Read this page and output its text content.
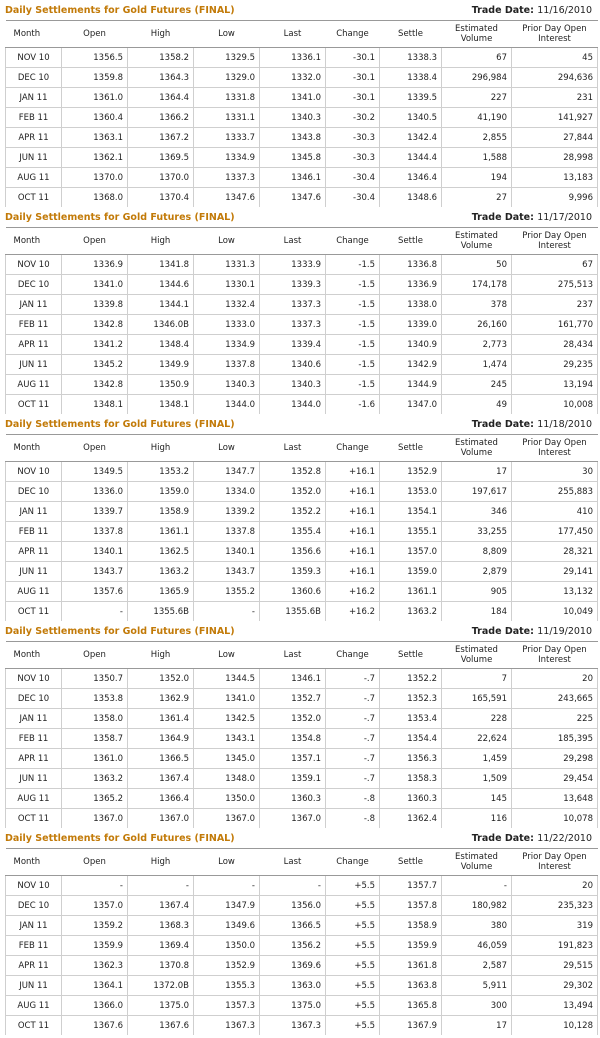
Daily Settlements for Gold Futures (FINAL)	Trade Date: 11/16/2010
Month	Open	High	Low	Last	Change	Settle	Estimated Volume	Prior Day Open Interest
NOV 10	1356.5	1358.2	1329.5	1336.1	-30.1	1338.3	67	45
DEC 10	1359.8	1364.3	1329.0	1332.0	-30.1	1338.4	296,984	294,636
JAN 11	1361.0	1364.4	1331.8	1341.0	-30.1	1339.5	227	231
FEB 11	1360.4	1366.2	1331.1	1340.3	-30.2	1340.5	41,190	141,927
APR 11	1363.1	1367.2	1333.7	1343.8	-30.3	1342.4	2,855	27,844
JUN 11	1362.1	1369.5	1334.9	1345.8	-30.3	1344.4	1,588	28,998
AUG 11	1370.0	1370.0	1337.3	1346.1	-30.4	1346.4	194	13,183
OCT 11	1368.0	1370.4	1347.6	1347.6	-30.4	1348.6	27	9,996

Daily Settlements for Gold Futures (FINAL)	Trade Date: 11/17/2010
Month	Open	High	Low	Last	Change	Settle	Estimated Volume	Prior Day Open Interest
NOV 10	1336.9	1341.8	1331.3	1333.9	-1.5	1336.8	50	67
DEC 10	1341.0	1344.6	1330.1	1339.3	-1.5	1336.9	174,178	275,513
JAN 11	1339.8	1344.1	1332.4	1337.3	-1.5	1338.0	378	237
FEB 11	1342.8	1346.0B	1333.0	1337.3	-1.5	1339.0	26,160	161,770
APR 11	1341.2	1348.4	1334.9	1339.4	-1.5	1340.9	2,773	28,434
JUN 11	1345.2	1349.9	1337.8	1340.6	-1.5	1342.9	1,474	29,235
AUG 11	1342.8	1350.9	1340.3	1340.3	-1.5	1344.9	245	13,194
OCT 11	1348.1	1348.1	1344.0	1344.0	-1.6	1347.0	49	10,008

Daily Settlements for Gold Futures (FINAL)	Trade Date: 11/18/2010
Month	Open	High	Low	Last	Change	Settle	Estimated Volume	Prior Day Open Interest
NOV 10	1349.5	1353.2	1347.7	1352.8	+16.1	1352.9	17	30
DEC 10	1336.0	1359.0	1334.0	1352.0	+16.1	1353.0	197,617	255,883
JAN 11	1339.7	1358.9	1339.2	1352.2	+16.1	1354.1	346	410
FEB 11	1337.8	1361.1	1337.8	1355.4	+16.1	1355.1	33,255	177,450
APR 11	1340.1	1362.5	1340.1	1356.6	+16.1	1357.0	8,809	28,321
JUN 11	1343.7	1363.2	1343.7	1359.3	+16.1	1359.0	2,879	29,141
AUG 11	1357.6	1365.9	1355.2	1360.6	+16.2	1361.1	905	13,132
OCT 11	-	1355.6B	-	1355.6B	+16.2	1363.2	184	10,049

Daily Settlements for Gold Futures (FINAL)	Trade Date: 11/19/2010
Month	Open	High	Low	Last	Change	Settle	Estimated Volume	Prior Day Open Interest
NOV 10	1350.7	1352.0	1344.5	1346.1	-.7	1352.2	7	20
DEC 10	1353.8	1362.9	1341.0	1352.7	-.7	1352.3	165,591	243,665
JAN 11	1358.0	1361.4	1342.5	1352.0	-.7	1353.4	228	225
FEB 11	1358.7	1364.9	1343.1	1354.8	-.7	1354.4	22,624	185,395
APR 11	1361.0	1366.5	1345.0	1357.1	-.7	1356.3	1,459	29,298
JUN 11	1363.2	1367.4	1348.0	1359.1	-.7	1358.3	1,509	29,454
AUG 11	1365.2	1366.4	1350.0	1360.3	-.8	1360.3	145	13,648
OCT 11	1367.0	1367.0	1367.0	1367.0	-.8	1362.4	116	10,078

Daily Settlements for Gold Futures (FINAL)	Trade Date: 11/22/2010
Month	Open	High	Low	Last	Change	Settle	Estimated Volume	Prior Day Open Interest
NOV 10	-	-	-	-	+5.5	1357.7	-	20
DEC 10	1357.0	1367.4	1347.9	1356.0	+5.5	1357.8	180,982	235,323
JAN 11	1359.2	1368.3	1349.6	1366.5	+5.5	1358.9	380	319
FEB 11	1359.9	1369.4	1350.0	1356.2	+5.5	1359.9	46,059	191,823
APR 11	1362.3	1370.8	1352.9	1369.6	+5.5	1361.8	2,587	29,515
JUN 11	1364.1	1372.0B	1355.3	1363.0	+5.5	1363.8	5,911	29,302
AUG 11	1366.0	1375.0	1357.3	1375.0	+5.5	1365.8	300	13,494
OCT 11	1367.6	1367.6	1367.3	1367.3	+5.5	1367.9	17	10,128
